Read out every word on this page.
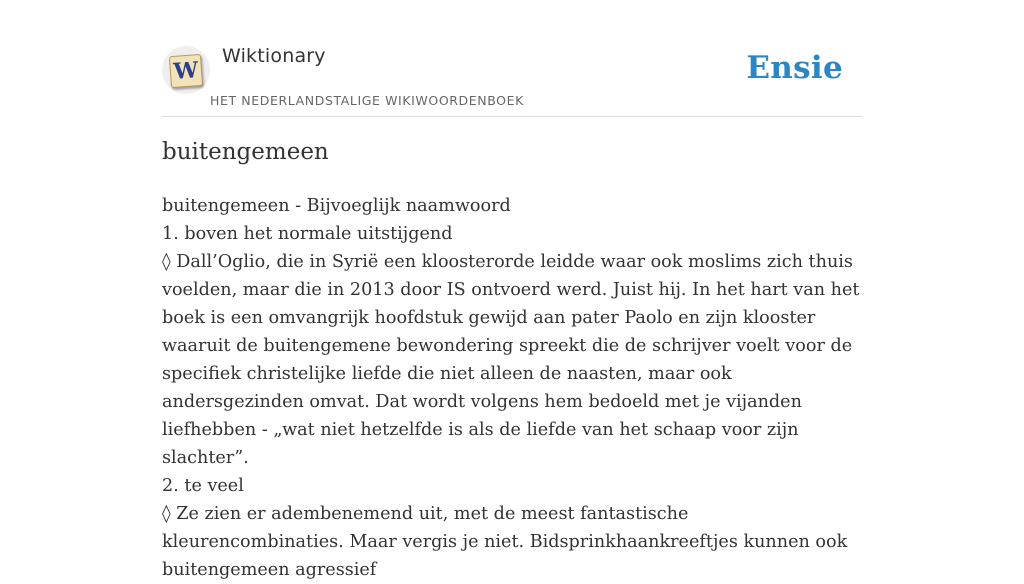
W
Wiktionary
HET NEDERLANDSTALIGE WIKIWOORDENBOEK
Ensie
buitengemeen
buitengemeen - Bijvoeglijk naamwoord
1. boven het normale uitstijgend
◊ Dall’Oglio, die in Syrië een kloosterorde leidde waar ook moslims zich thuis voelden, maar die in 2013 door IS ontvoerd werd. Juist hij. In het hart van het boek is een omvangrijk hoofdstuk gewijd aan pater Paolo en zijn klooster waaruit de buitengemene bewondering spreekt die de schrijver voelt voor de specifiek christelijke liefde die niet alleen de naasten, maar ook andersgezinden omvat. Dat wordt volgens hem bedoeld met je vijanden liefhebben - „wat niet hetzelfde is als de liefde van het schaap voor zijn slachter”.
2. te veel
◊ Ze zien er adembenemend uit, met de meest fantastische kleurencombinaties. Maar vergis je niet. Bidsprinkhaankreeftjes kunnen ook buitengemeen agressief
